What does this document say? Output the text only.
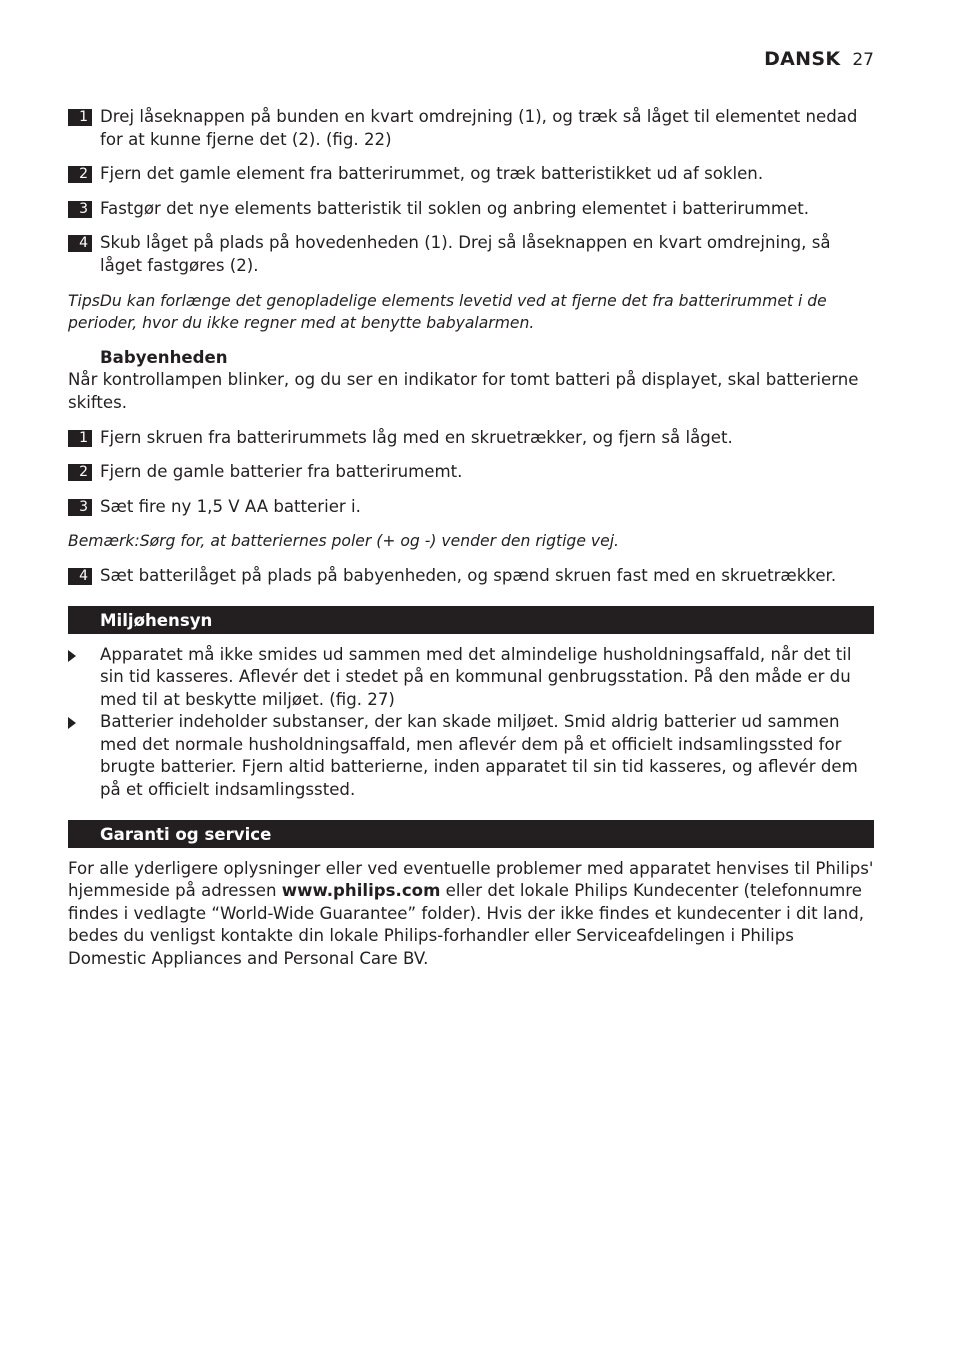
DANSK 27
1 Drej låseknappen på bunden en kvart omdrejning (1), og træk så låget til elementet nedad for at kunne fjerne det (2). (fig. 22)
2 Fjern det gamle element fra batterirummet, og træk batteristikket ud af soklen.
3 Fastgør det nye elements batteristik til soklen og anbring elementet i batterirummet.
4 Skub låget på plads på hovedenheden (1). Drej så låseknappen en kvart omdrejning, så låget fastgøres (2).
TipsDu kan forlænge det genopladelige elements levetid ved at fjerne det fra batterirummet i de perioder, hvor du ikke regner med at benytte babyalarmen.
Babyenheden
Når kontrollampen blinker, og du ser en indikator for tomt batteri på displayet, skal batterierne skiftes.
1 Fjern skruen fra batterirummets låg med en skruetrækker, og fjern så låget.
2 Fjern de gamle batterier fra batterirumemt.
3 Sæt fire ny 1,5 V AA batterier i.
Bemærk:Sørg for, at batteriernes poler (+ og -) vender den rigtige vej.
4 Sæt batterilåget på plads på babyenheden, og spænd skruen fast med en skruetrækker.
Miljøhensyn
Apparatet må ikke smides ud sammen med det almindelige husholdningsaffald, når det til sin tid kasseres. Aflevér det i stedet på en kommunal genbrugsstation. På den måde er du med til at beskytte miljøet. (fig. 27)
Batterier indeholder substanser, der kan skade miljøet. Smid aldrig batterier ud sammen med det normale husholdningsaffald, men aflevér dem på et officielt indsamlingssted for brugte batterier. Fjern altid batterierne, inden apparatet til sin tid kasseres, og aflevér dem på et officielt indsamlingssted.
Garanti og service
For alle yderligere oplysninger eller ved eventuelle problemer med apparatet henvises til Philips' hjemmeside på adressen www.philips.com eller det lokale Philips Kundecenter (telefonnumre findes i vedlagte “World-Wide Guarantee” folder). Hvis der ikke findes et kundecenter i dit land, bedes du venligst kontakte din lokale Philips-forhandler eller Serviceafdelingen i Philips Domestic Appliances and Personal Care BV.
